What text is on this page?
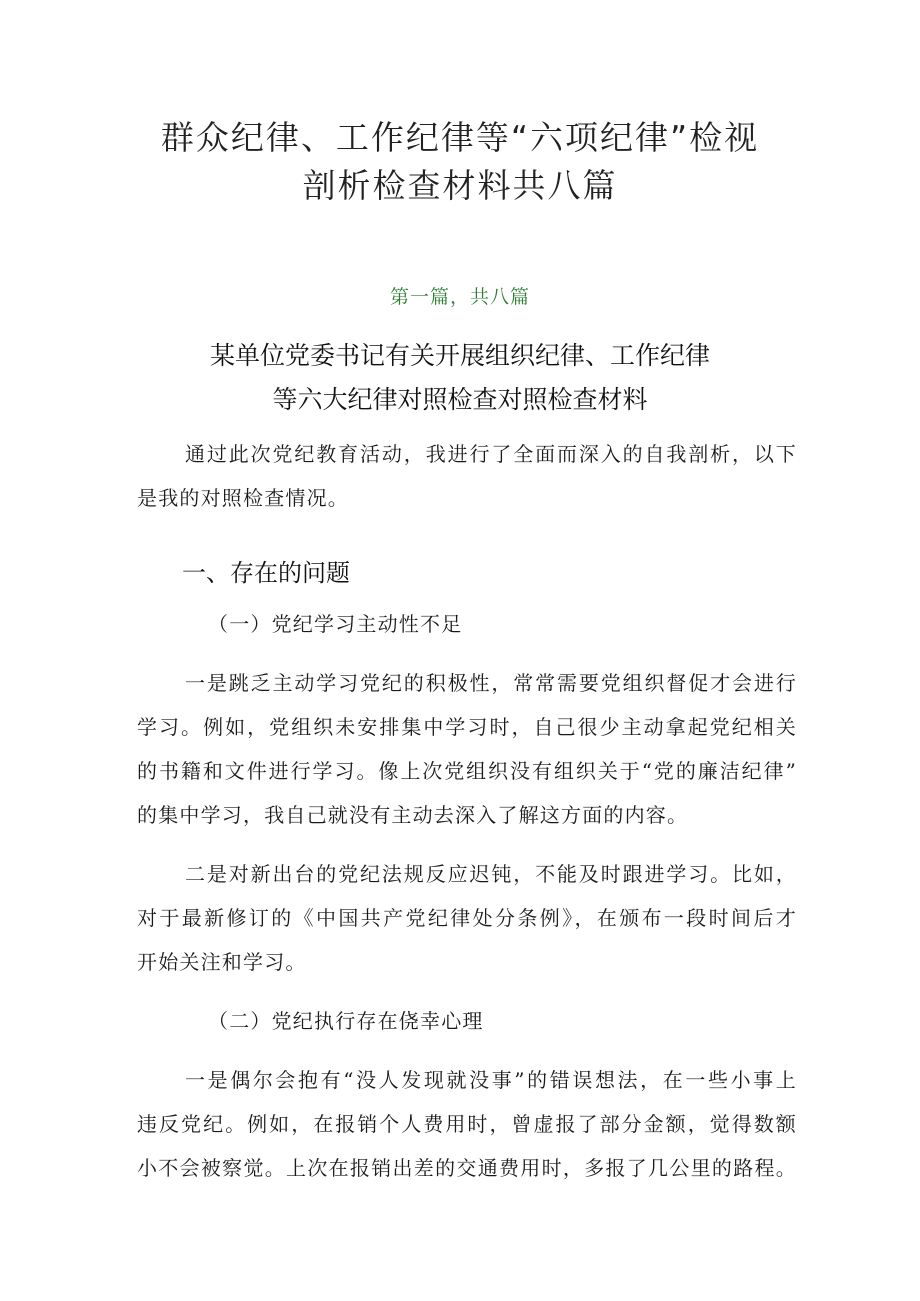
群众纪律、工作纪律等“六项纪律”检视
剖析检查材料共八篇
第一篇，共八篇
某单位党委书记有关开展组织纪律、工作纪律
等六大纪律对照检查对照检查材料
通过此次党纪教育活动，我进行了全面而深入的自我剖析，以下
是我的对照检查情况。
一、存在的问题
（一）党纪学习主动性不足
一是跳乏主动学习党纪的积极性，常常需要党组织督促才会进行
学习。例如，党组织未安排集中学习时，自己很少主动拿起党纪相关
的书籍和文件进行学习。像上次党组织没有组织关于“党的廉洁纪律”
的集中学习，我自己就没有主动去深入了解这方面的内容。
二是对新出台的党纪法规反应迟钝，不能及时跟进学习。比如，
对于最新修订的《中国共产党纪律处分条例》，在颁布一段时间后才
开始关注和学习。
（二）党纪执行存在侥幸心理
一是偶尔会抱有“没人发现就没事”的错误想法，在一些小事上
违反党纪。例如，在报销个人费用时，曾虚报了部分金额，觉得数额
小不会被察觉。上次在报销出差的交通费用时，多报了几公里的路程。
